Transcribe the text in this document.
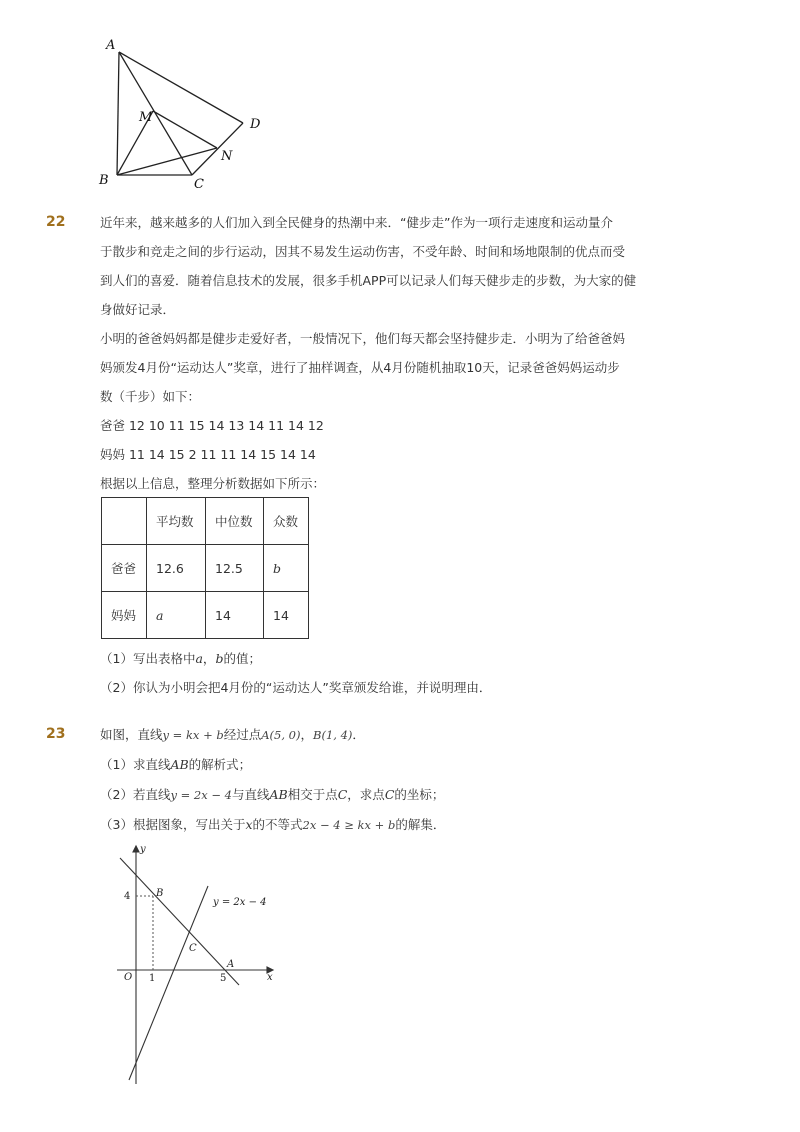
A
M	D
N
B	C
22	近年来，越来越多的人们加入到全民健身的热潮中来．“健步走”作为一项行走速度和运动量介
于散步和竞走之间的步行运动，因其不易发生运动伤害，不受年龄、时间和场地限制的优点而受
到人们的喜爱．随着信息技术的发展，很多手机APP可以记录人们每天健步走的步数，为大家的健
身做好记录．
小明的爸爸妈妈都是健步走爱好者，一般情况下，他们每天都会坚持健步走．小明为了给爸爸妈
妈颁发4月份“运动达人”奖章，进行了抽样调查，从4月份随机抽取10天，记录爸爸妈妈运动步
数（千步）如下：
爸爸 12 10 11 15 14 13 14 11 14 12
妈妈 11 14 15 2 11 11 14 15 14 14
根据以上信息，整理分析数据如下所示：
	平均数	中位数	众数
爸爸	12.6	12.5	b
妈妈	a	14	14
（1）写出表格中a，b的值；
（2）你认为小明会把4月份的“运动达人”奖章颁发给谁，并说明理由．
23	如图，直线y = kx + b经过点A(5, 0)，B(1, 4)．
（1）求直线AB的解析式；
（2）若直线y = 2x − 4与直线AB相交于点C，求点C的坐标；
（3）根据图象，写出关于x的不等式2x − 4 ≥ kx + b的解集．
y
x
O 1	5
4	B
C
A
y = 2x − 4
